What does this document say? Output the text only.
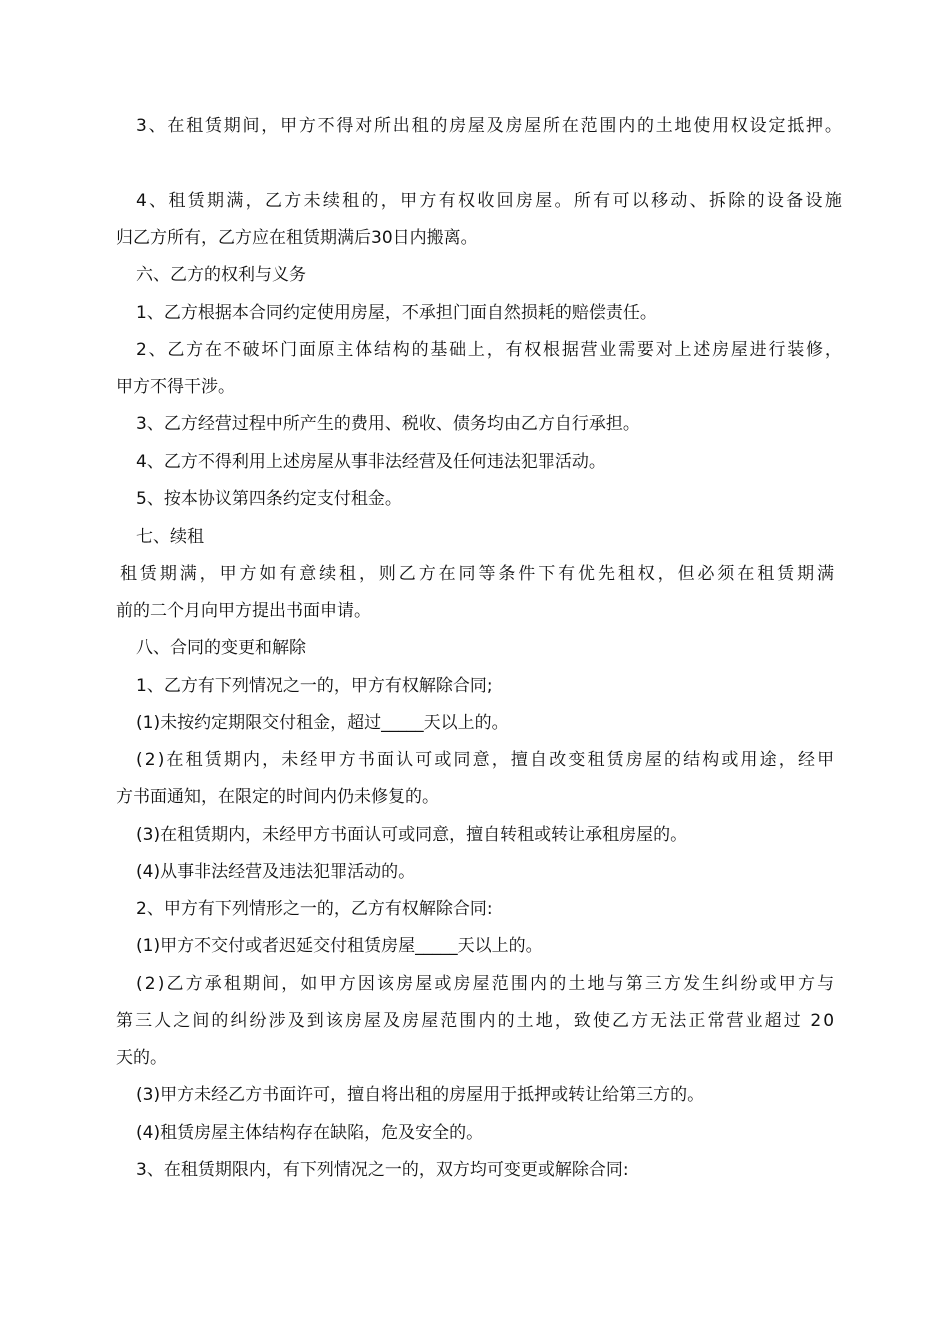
3、在租赁期间，甲方不得对所出租的房屋及房屋所在范围内的土地使用权设定抵押。
4、租赁期满，乙方未续租的，甲方有权收回房屋。所有可以移动、拆除的设备设施
归乙方所有，乙方应在租赁期满后30日内搬离。
六、乙方的权利与义务
1、乙方根据本合同约定使用房屋，不承担门面自然损耗的赔偿责任。
2、乙方在不破坏门面原主体结构的基础上，有权根据营业需要对上述房屋进行装修，
甲方不得干涉。
3、乙方经营过程中所产生的费用、税收、债务均由乙方自行承担。
4、乙方不得利用上述房屋从事非法经营及任何违法犯罪活动。
5、按本协议第四条约定支付租金。
七、续租
租赁期满，甲方如有意续租，则乙方在同等条件下有优先租权，但必须在租赁期满
前的二个月向甲方提出书面申请。
八、合同的变更和解除
1、乙方有下列情况之一的，甲方有权解除合同;
(1)未按约定期限交付租金，超过_____天以上的。
(2)在租赁期内，未经甲方书面认可或同意，擅自改变租赁房屋的结构或用途，经甲
方书面通知，在限定的时间内仍未修复的。
(3)在租赁期内，未经甲方书面认可或同意，擅自转租或转让承租房屋的。
(4)从事非法经营及违法犯罪活动的。
2、甲方有下列情形之一的，乙方有权解除合同:
(1)甲方不交付或者迟延交付租赁房屋_____天以上的。
(2)乙方承租期间，如甲方因该房屋或房屋范围内的土地与第三方发生纠纷或甲方与
第三人之间的纠纷涉及到该房屋及房屋范围内的土地，致使乙方无法正常营业超过 20
天的。
(3)甲方未经乙方书面许可，擅自将出租的房屋用于抵押或转让给第三方的。
(4)租赁房屋主体结构存在缺陷，危及安全的。
3、在租赁期限内，有下列情况之一的，双方均可变更或解除合同:
